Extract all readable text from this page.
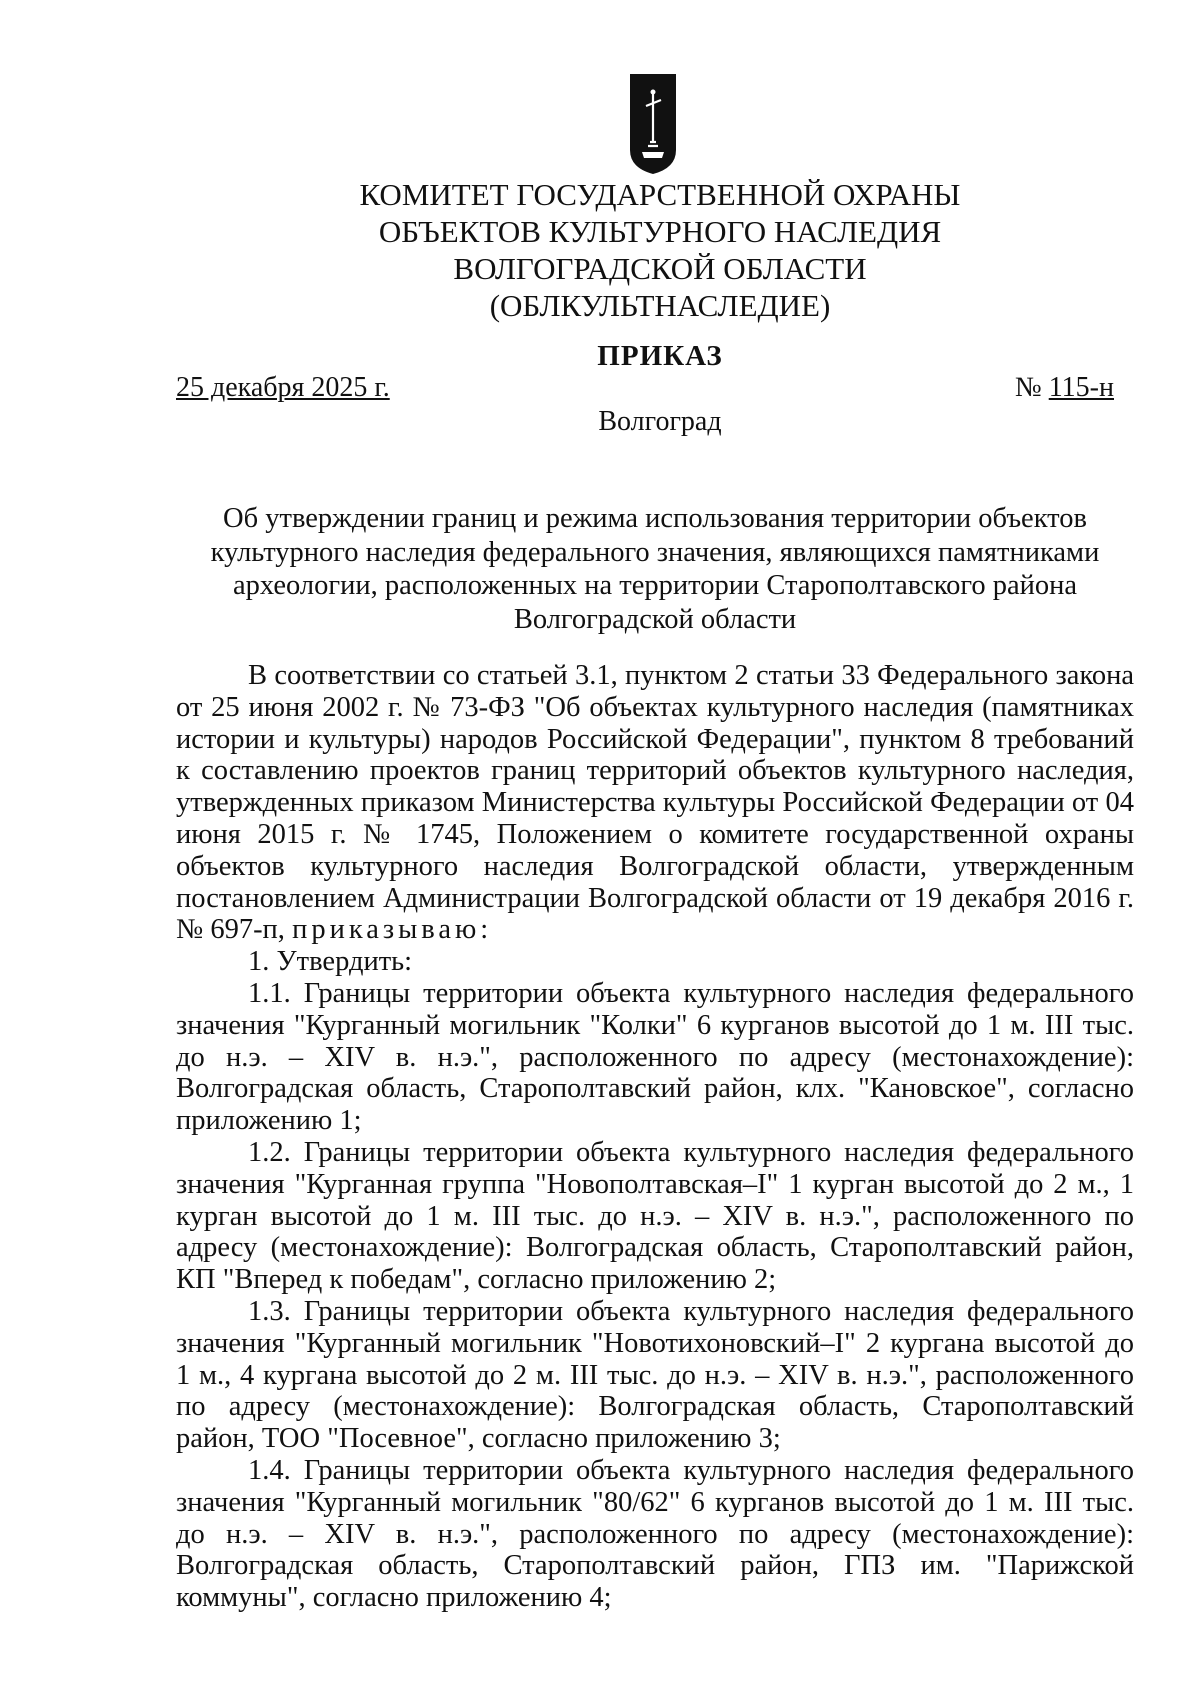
КОМИТЕТ ГОСУДАРСТВЕННОЙ ОХРАНЫ
ОБЪЕКТОВ КУЛЬТУРНОГО НАСЛЕДИЯ
ВОЛГОГРАДСКОЙ ОБЛАСТИ
(ОБЛКУЛЬТНАСЛЕДИЕ)
ПРИКАЗ
25 декабря 2025 г.	№ 115-н
Волгоград
Об утверждении границ и режима использования территории объектов
культурного наследия федерального значения, являющихся памятниками
археологии, расположенных на территории Старополтавского района
Волгоградской области

В соответствии со статьей 3.1, пунктом 2 статьи 33 Федерального закона от 25 июня 2002 г. № 73-ФЗ "Об объектах культурного наследия (памятниках истории и культуры) народов Российской Федерации", пунктом 8 требований к составлению проектов границ территорий объектов культурного наследия, утвержденных приказом Министерства культуры Российской Федерации от 04 июня 2015 г. № 1745, Положением о комитете государственной охраны объектов культурного наследия Волгоградской области, утвержденным постановлением Администрации Волгоградской области от 19 декабря 2016 г. № 697-п, приказываю:

1. Утвердить:

1.1. Границы территории объекта культурного наследия федерального значения "Курганный могильник "Колки" 6 курганов высотой до 1 м. III тыс. до н.э. – XIV в. н.э.", расположенного по адресу (местонахождение): Волгоградская область, Старополтавский район, клх. "Кановское", согласно приложению 1;

1.2. Границы территории объекта культурного наследия федерального значения "Курганная группа "Новополтавская–I" 1 курган высотой до 2 м., 1 курган высотой до 1 м. III тыс. до н.э. – XIV в. н.э.", расположенного по адресу (местонахождение): Волгоградская область, Старополтавский район, КП "Вперед к победам", согласно приложению 2;

1.3. Границы территории объекта культурного наследия федерального значения "Курганный могильник "Новотихоновский–I" 2 кургана высотой до 1 м., 4 кургана высотой до 2 м. III тыс. до н.э. – XIV в. н.э.", расположенного по адресу (местонахождение): Волгоградская область, Старополтавский район, ТОО "Посевное", согласно приложению 3;

1.4. Границы территории объекта культурного наследия федерального значения "Курганный могильник "80/62" 6 курганов высотой до 1 м. III тыс. до н.э. – XIV в. н.э.", расположенного по адресу (местонахождение): Волгоградская область, Старополтавский район, ГПЗ им. "Парижской коммуны", согласно приложению 4;
